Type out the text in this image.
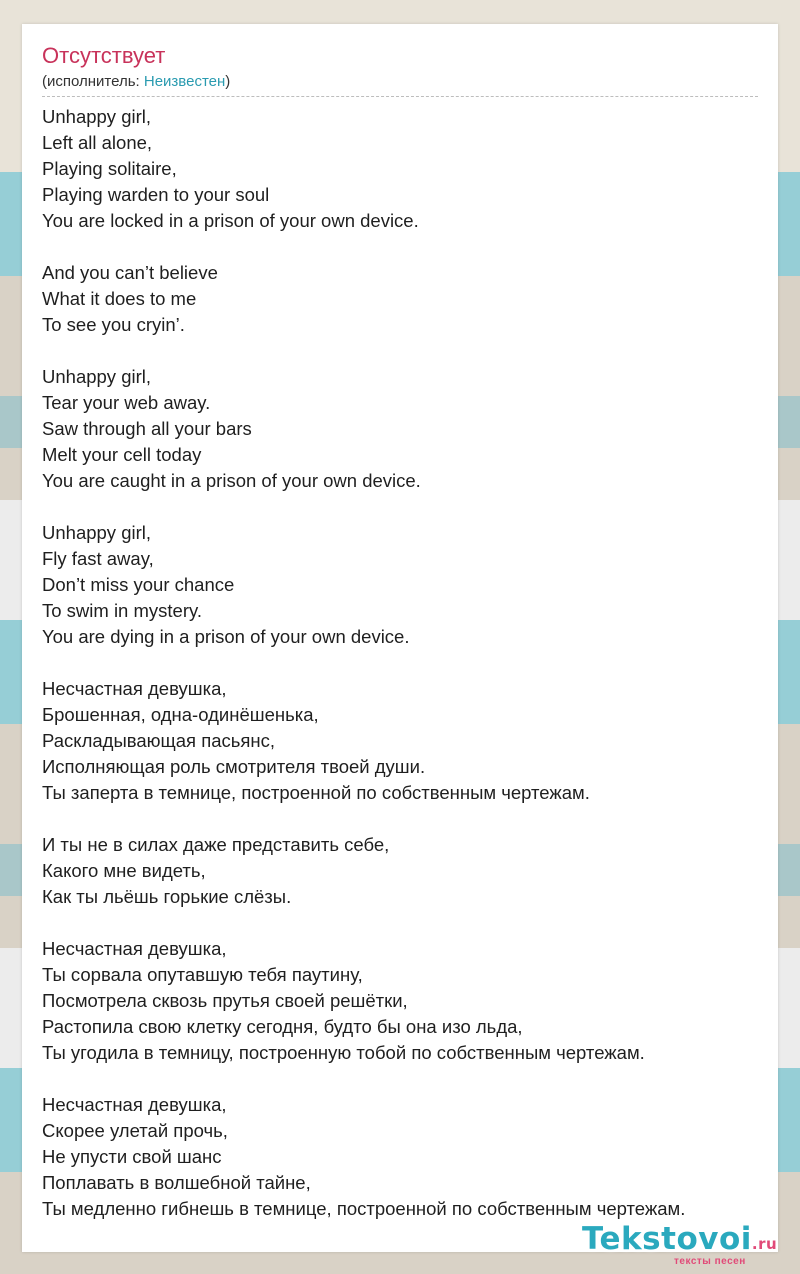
Отсутствует
(исполнитель: Неизвестен)
Unhappy girl,
Left all alone,
Playing solitaire,
Playing warden to your soul
You are locked in a prison of your own device.
And you can’t believe
What it does to me
To see you cryin’.
Unhappy girl,
Tear your web away.
Saw through all your bars
Melt your cell today
You are caught in a prison of your own device.
Unhappy girl,
Fly fast away,
Don’t miss your chance
To swim in mystery.
You are dying in a prison of your own device.
Несчастная девушка,
Брошенная, одна-одинёшенька,
Раскладывающая пасьянс,
Исполняющая роль смотрителя твоей души.
Ты заперта в темнице, построенной по собственным чертежам.
И ты не в силах даже представить себе,
Какого мне видеть,
Как ты льёшь горькие слёзы.
Несчастная девушка,
Ты сорвала опутавшую тебя паутину,
Посмотрела сквозь прутья своей решётки,
Растопила свою клетку сегодня, будто бы она изо льда,
Ты угодила в темницу, построенную тобой по собственным чертежам.
Несчастная девушка,
Скорее улетай прочь,
Не упусти свой шанс
Поплавать в волшебной тайне,
Ты медленно гибнешь в темнице, построенной по собственным чертежам.
Tekstovoi.ru
тексты песен
